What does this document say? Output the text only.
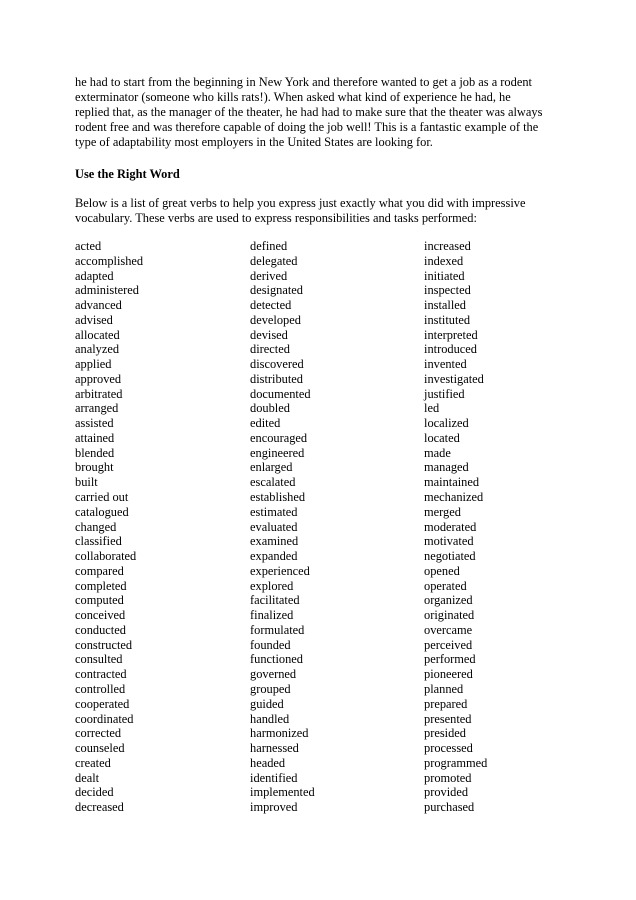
he had to start from the beginning in New York and therefore wanted to get a job as a rodent
exterminator (someone who kills rats!). When asked what kind of experience he had, he
replied that, as the manager of the theater, he had had to make sure that the theater was always
rodent free and was therefore capable of doing the job well! This is a fantastic example of the
type of adaptability most employers in the United States are looking for.

Use the Right Word

Below is a list of great verbs to help you express just exactly what you did with impressive
vocabulary. These verbs are used to express responsibilities and tasks performed:

acted
accomplished
adapted
administered
advanced
advised
allocated
analyzed
applied
approved
arbitrated
arranged
assisted
attained
blended
brought
built
carried out
catalogued
changed
classified
collaborated
compared
completed
computed
conceived
conducted
constructed
consulted
contracted
controlled
cooperated
coordinated
corrected
counseled
created
dealt
decided
decreased
defined
delegated
derived
designated
detected
developed
devised
directed
discovered
distributed
documented
doubled
edited
encouraged
engineered
enlarged
escalated
established
estimated
evaluated
examined
expanded
experienced
explored
facilitated
finalized
formulated
founded
functioned
governed
grouped
guided
handled
harmonized
harnessed
headed
identified
implemented
improved
increased
indexed
initiated
inspected
installed
instituted
interpreted
introduced
invented
investigated
justified
led
localized
located
made
managed
maintained
mechanized
merged
moderated
motivated
negotiated
opened
operated
organized
originated
overcame
perceived
performed
pioneered
planned
prepared
presented
presided
processed
programmed
promoted
provided
purchased
